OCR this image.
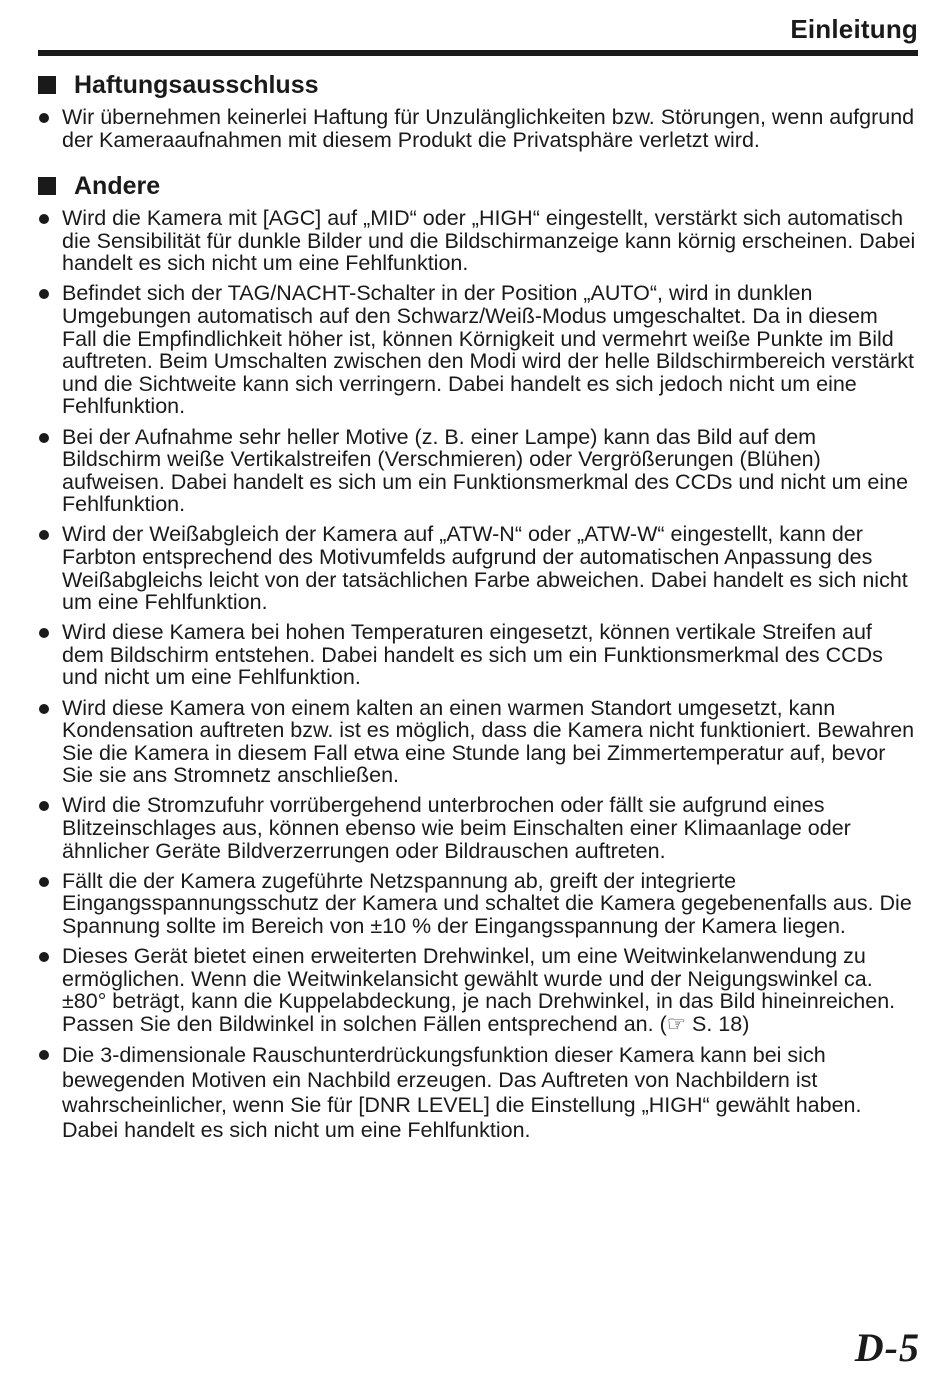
Einleitung
Haftungsausschluss
Wir übernehmen keinerlei Haftung für Unzulänglichkeiten bzw. Störungen, wenn aufgrund der Kameraaufnahmen mit diesem Produkt die Privatsphäre verletzt wird.
Andere
Wird die Kamera mit [AGC] auf „MID“ oder „HIGH“ eingestellt, verstärkt sich automatisch die Sensibilität für dunkle Bilder und die Bildschirmanzeige kann körnig erscheinen. Dabei handelt es sich nicht um eine Fehlfunktion.
Befindet sich der TAG/NACHT-Schalter in der Position „AUTO“, wird in dunklen Umgebungen automatisch auf den Schwarz/Weiß-Modus umgeschaltet. Da in diesem Fall die Empfindlichkeit höher ist, können Körnigkeit und vermehrt weiße Punkte im Bild auftreten. Beim Umschalten zwischen den Modi wird der helle Bildschirmbereich verstärkt und die Sichtweite kann sich verringern. Dabei handelt es sich jedoch nicht um eine Fehlfunktion.
Bei der Aufnahme sehr heller Motive (z. B. einer Lampe) kann das Bild auf dem Bildschirm weiße Vertikalstreifen (Verschmieren) oder Vergrößerungen (Blühen) aufweisen. Dabei handelt es sich um ein Funktionsmerkmal des CCDs und nicht um eine Fehlfunktion.
Wird der Weißabgleich der Kamera auf „ATW-N“ oder „ATW-W“ eingestellt, kann der Farbton entsprechend des Motivumfelds aufgrund der automatischen Anpassung des Weißabgleichs leicht von der tatsächlichen Farbe abweichen. Dabei handelt es sich nicht um eine Fehlfunktion.
Wird diese Kamera bei hohen Temperaturen eingesetzt, können vertikale Streifen auf dem Bildschirm entstehen. Dabei handelt es sich um ein Funktionsmerkmal des CCDs und nicht um eine Fehlfunktion.
Wird diese Kamera von einem kalten an einen warmen Standort umgesetzt, kann Kondensation auftreten bzw. ist es möglich, dass die Kamera nicht funktioniert. Bewahren Sie die Kamera in diesem Fall etwa eine Stunde lang bei Zimmertemperatur auf, bevor Sie sie ans Stromnetz anschließen.
Wird die Stromzufuhr vorrübergehend unterbrochen oder fällt sie aufgrund eines Blitzeinschlages aus, können ebenso wie beim Einschalten einer Klimaanlage oder ähnlicher Geräte Bildverzerrungen oder Bildrauschen auftreten.
Fällt die der Kamera zugeführte Netzspannung ab, greift der integrierte Eingangsspannungsschutz der Kamera und schaltet die Kamera gegebenenfalls aus. Die Spannung sollte im Bereich von ±10 % der Eingangsspannung der Kamera liegen.
Dieses Gerät bietet einen erweiterten Drehwinkel, um eine Weitwinkelanwendung zu ermöglichen. Wenn die Weitwinkelansicht gewählt wurde und der Neigungswinkel ca. ±80° beträgt, kann die Kuppelabdeckung, je nach Drehwinkel, in das Bild hineinreichen. Passen Sie den Bildwinkel in solchen Fällen entsprechend an. (☞ S. 18)
Die 3-dimensionale Rauschunterdrückungsfunktion dieser Kamera kann bei sich bewegenden Motiven ein Nachbild erzeugen. Das Auftreten von Nachbildern ist wahrscheinlicher, wenn Sie für [DNR LEVEL] die Einstellung „HIGH“ gewählt haben. Dabei handelt es sich nicht um eine Fehlfunktion.
D-5
